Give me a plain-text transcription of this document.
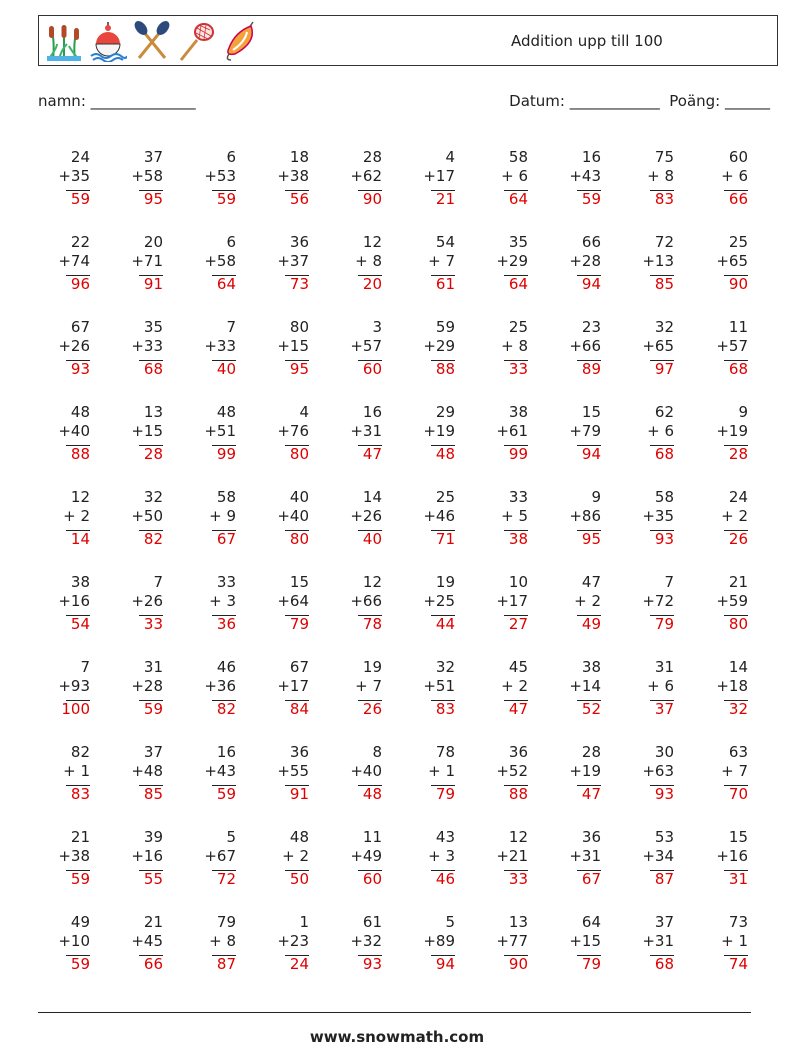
Addition upp till 100
namn: ______________	Datum: ____________ Poäng: ______
24
+35
59
37
+58
95
6
+53
59
18
+38
56
28
+62
90
4
+17
21
58
+ 6
64
16
+43
59
75
+ 8
83
60
+ 6
66
22
+74
96
20
+71
91
6
+58
64
36
+37
73
12
+ 8
20
54
+ 7
61
35
+29
64
66
+28
94
72
+13
85
25
+65
90
67
+26
93
35
+33
68
7
+33
40
80
+15
95
3
+57
60
59
+29
88
25
+ 8
33
23
+66
89
32
+65
97
11
+57
68
48
+40
88
13
+15
28
48
+51
99
4
+76
80
16
+31
47
29
+19
48
38
+61
99
15
+79
94
62
+ 6
68
9
+19
28
12
+ 2
14
32
+50
82
58
+ 9
67
40
+40
80
14
+26
40
25
+46
71
33
+ 5
38
9
+86
95
58
+35
93
24
+ 2
26
38
+16
54
7
+26
33
33
+ 3
36
15
+64
79
12
+66
78
19
+25
44
10
+17
27
47
+ 2
49
7
+72
79
21
+59
80
7
+93
100
31
+28
59
46
+36
82
67
+17
84
19
+ 7
26
32
+51
83
45
+ 2
47
38
+14
52
31
+ 6
37
14
+18
32
82
+ 1
83
37
+48
85
16
+43
59
36
+55
91
8
+40
48
78
+ 1
79
36
+52
88
28
+19
47
30
+63
93
63
+ 7
70
21
+38
59
39
+16
55
5
+67
72
48
+ 2
50
11
+49
60
43
+ 3
46
12
+21
33
36
+31
67
53
+34
87
15
+16
31
49
+10
59
21
+45
66
79
+ 8
87
1
+23
24
61
+32
93
5
+89
94
13
+77
90
64
+15
79
37
+31
68
73
+ 1
74
www.snowmath.com
